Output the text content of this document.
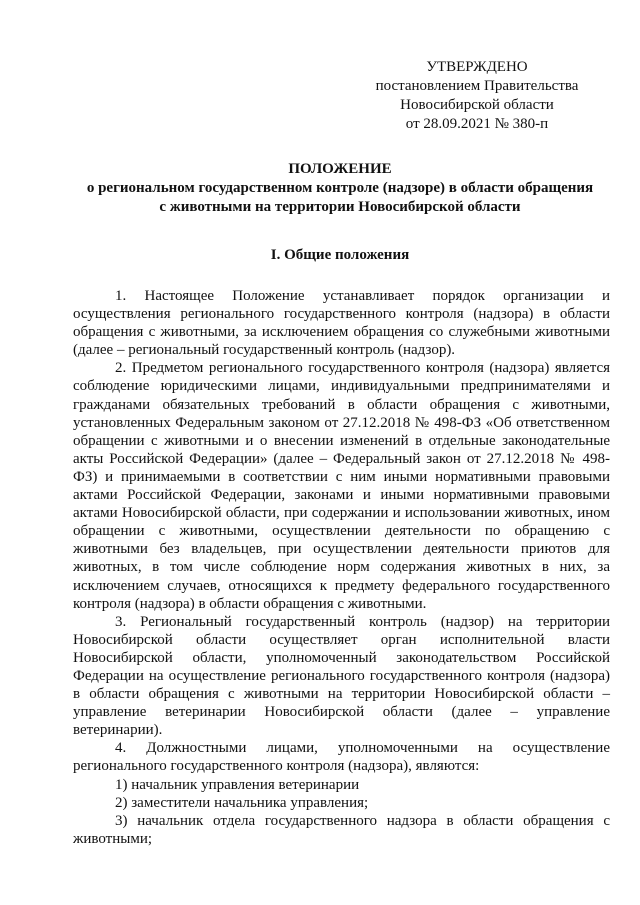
УТВЕРЖДЕНО
постановлением Правительства
Новосибирской области
от 28.09.2021 № 380-п
ПОЛОЖЕНИЕ
о региональном государственном контроле (надзоре) в области обращения
с животными на территории Новосибирской области
I. Общие положения

1. Настоящее Положение устанавливает порядок организации и осуществления регионального государственного контроля (надзора) в области обращения с животными, за исключением обращения со служебными животными (далее – региональный государственный контроль (надзор).

2. Предметом регионального государственного контроля (надзора) является соблюдение юридическими лицами, индивидуальными предпринимателями и гражданами обязательных требований в области обращения с животными, установленных Федеральным законом от 27.12.2018 № 498-ФЗ «Об ответственном обращении с животными и о внесении изменений в отдельные законодательные акты Российской Федерации» (далее – Федеральный закон от 27.12.2018 № 498-ФЗ) и принимаемыми в соответствии с ним иными нормативными правовыми актами Российской Федерации, законами и иными нормативными правовыми актами Новосибирской области, при содержании и использовании животных, ином обращении с животными, осуществлении деятельности по обращению с животными без владельцев, при осуществлении деятельности приютов для животных, в том числе соблюдение норм содержания животных в них, за исключением случаев, относящихся к предмету федерального государственного контроля (надзора) в области обращения с животными.

3. Региональный государственный контроль (надзор) на территории Новосибирской области осуществляет орган исполнительной власти Новосибирской области, уполномоченный законодательством Российской Федерации на осуществление регионального государственного контроля (надзора) в области обращения с животными на территории Новосибирской области – управление ветеринарии Новосибирской области (далее – управление ветеринарии).

4. Должностными лицами, уполномоченными на осуществление регионального государственного контроля (надзора), являются:

1) начальник управления ветеринарии

2) заместители начальника управления;

3) начальник отдела государственного надзора в области обращения с животными;
